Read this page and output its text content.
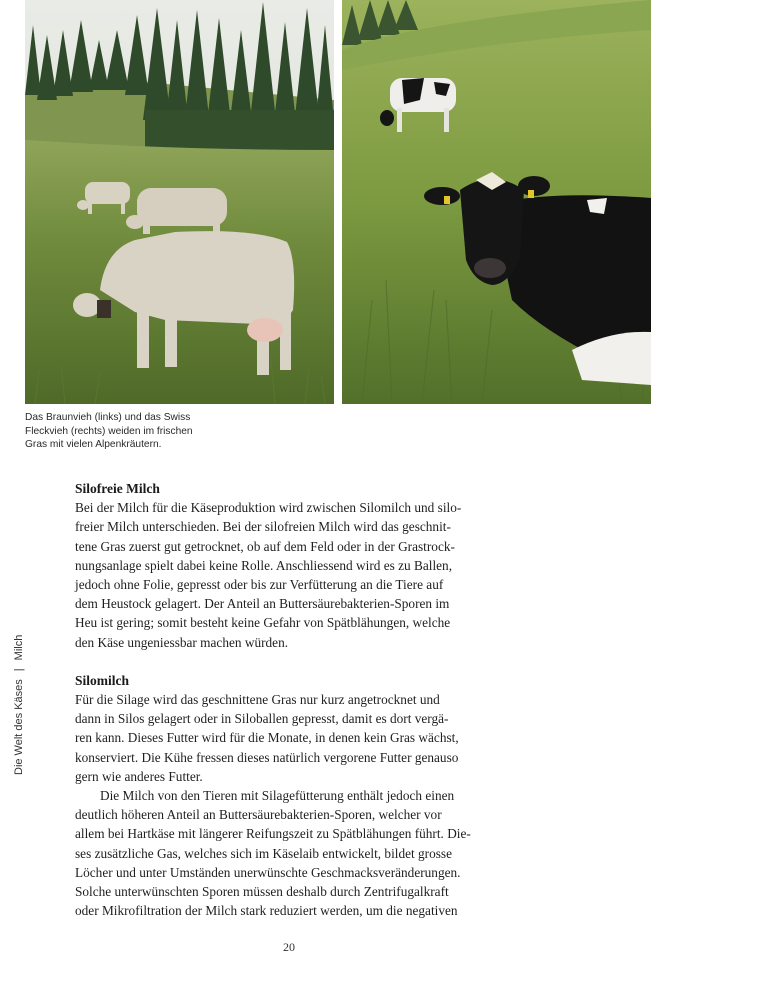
Das Braunvieh (links) und das Swiss
Fleckvieh (rechts) weiden im frischen
Gras mit vielen Alpenkräutern.
Die Welt des Käses|Milch
Silofreie Milch

Bei der Milch für die Käseproduktion wird zwischen Silomilch und silo-
freier Milch unterschieden. Bei der silofreien Milch wird das geschnit-
tene Gras zuerst gut getrocknet, ob auf dem Feld oder in der Grastrock-
nungsanlage spielt dabei keine Rolle. Anschliessend wird es zu Ballen,
jedoch ohne Folie, gepresst oder bis zur Verfütterung an die Tiere auf
dem Heustock gelagert. Der Anteil an Buttersäurebakterien-Sporen im
Heu ist gering; somit besteht keine Gefahr von Spätblähungen, welche
den Käse ungeniessbar machen würden.

Silomilch

Für die Silage wird das geschnittene Gras nur kurz angetrocknet und
dann in Silos gelagert oder in Siloballen gepresst, damit es dort vergä-
ren kann. Dieses Futter wird für die Monate, in denen kein Gras wächst,
konserviert. Die Kühe fressen dieses natürlich vergorene Futter genauso
gern wie anderes Futter.

Die Milch von den Tieren mit Silagefütterung enthält jedoch einen
deutlich höheren Anteil an Buttersäurebakterien-Sporen, welcher vor
allem bei Hartkäse mit längerer Reifungszeit zu Spätblähungen führt. Die-
ses zusätzliche Gas, welches sich im Käselaib entwickelt, bildet grosse
Löcher und unter Umständen unerwünschte Geschmacksveränderungen.
Solche unterwünschten Sporen müssen deshalb durch Zentrifugalkraft
oder Mikrofiltration der Milch stark reduziert werden, um die negativen

20
